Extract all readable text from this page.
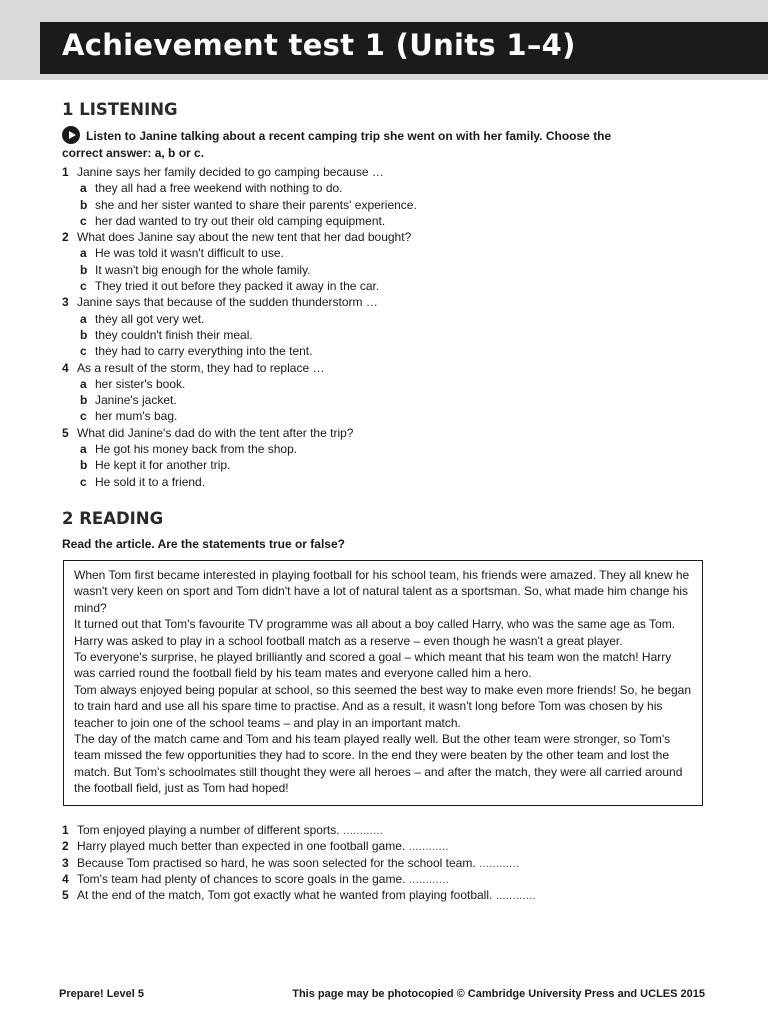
Achievement test 1 (Units 1–4)
1 LISTENING
Listen to Janine talking about a recent camping trip she went on with her family. Choose the
correct answer: a, b or c.
1 Janine says her family decided to go camping because …
a they all had a free weekend with nothing to do.
b she and her sister wanted to share their parents' experience.
c her dad wanted to try out their old camping equipment.
2 What does Janine say about the new tent that her dad bought?
a He was told it wasn't difficult to use.
b It wasn't big enough for the whole family.
c They tried it out before they packed it away in the car.
3 Janine says that because of the sudden thunderstorm …
a they all got very wet.
b they couldn't finish their meal.
c they had to carry everything into the tent.
4 As a result of the storm, they had to replace …
a her sister's book.
b Janine's jacket.
c her mum's bag.
5 What did Janine's dad do with the tent after the trip?
a He got his money back from the shop.
b He kept it for another trip.
c He sold it to a friend.
2 READING
Read the article. Are the statements true or false?

When Tom first became interested in playing football for his school team, his friends were amazed. They all knew he wasn't very keen on sport and Tom didn't have a lot of natural talent as a sportsman. So, what made him change his mind?

It turned out that Tom's favourite TV programme was all about a boy called Harry, who was the same age as Tom. Harry was asked to play in a school football match as a reserve – even though he wasn't a great player.

To everyone's surprise, he played brilliantly and scored a goal – which meant that his team won the match! Harry was carried round the football field by his team mates and everyone called him a hero.

Tom always enjoyed being popular at school, so this seemed the best way to make even more friends! So, he began to train hard and use all his spare time to practise. And as a result, it wasn't long before Tom was chosen by his teacher to join one of the school teams – and play in an important match.

The day of the match came and Tom and his team played really well. But the other team were stronger, so Tom's team missed the few opportunities they had to score. In the end they were beaten by the other team and lost the match. But Tom's schoolmates still thought they were all heroes – and after the match, they were all carried around the football field, just as Tom had hoped!

1 Tom enjoyed playing a number of different sports. ............
2 Harry played much better than expected in one football game. ............
3 Because Tom practised so hard, he was soon selected for the school team. ............
4 Tom's team had plenty of chances to score goals in the game. ............
5 At the end of the match, Tom got exactly what he wanted from playing football. ............
Prepare! Level 5	This page may be photocopied © Cambridge University Press and UCLES 2015
